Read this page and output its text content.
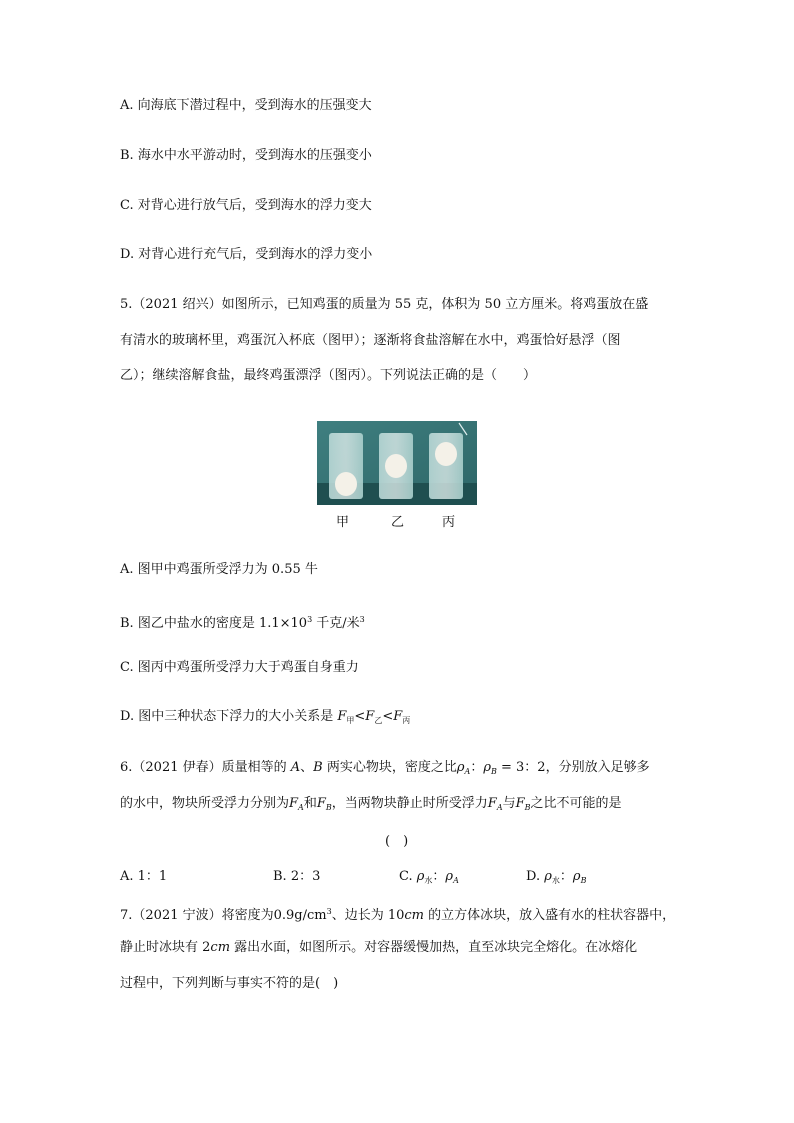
A. 向海底下潜过程中，受到海水的压强变大
B. 海水中水平游动时，受到海水的压强变小
C. 对背心进行放气后，受到海水的浮力变大
D. 对背心进行充气后，受到海水的浮力变小
5.（2021 绍兴）如图所示，已知鸡蛋的质量为 55 克，体积为 50 立方厘米。将鸡蛋放在盛
有清水的玻璃杯里，鸡蛋沉入杯底（图甲）；逐渐将食盐溶解在水中，鸡蛋恰好悬浮（图
乙）；继续溶解食盐，最终鸡蛋漂浮（图丙）。下列说法正确的是（　　）
甲	乙	丙
A. 图甲中鸡蛋所受浮力为 0.55 牛
B. 图乙中盐水的密度是 $1.1\times 10^3$ 千克/米$^3$
C. 图丙中鸡蛋所受浮力大于鸡蛋自身重力
D. 图中三种状态下浮力的大小关系是 $F_甲<F_乙<F_丙$
6.（2021 伊春）质量相等的 A、B 两实心物块，密度之比$\rho_A$：$\rho_B = 3$：2，分别放入足够多
的水中，物块所受浮力分别为$F_A$和$F_B$，当两物块静止时所受浮力$F_A$与$F_B$之比不可能的是
(　)
A. 1：1	B. 2：3	C. $\rho_水$：$\rho_A$	D. $\rho_水$：$\rho_B$
7.（2021 宁波）将密度为$0.9g/cm^3$、边长为 10cm 的立方体冰块，放入盛有水的柱状容器中，
静止时冰块有 2cm 露出水面，如图所示。对容器缓慢加热，直至冰块完全熔化。在冰熔化
过程中，下列判断与事实不符的是(　)
